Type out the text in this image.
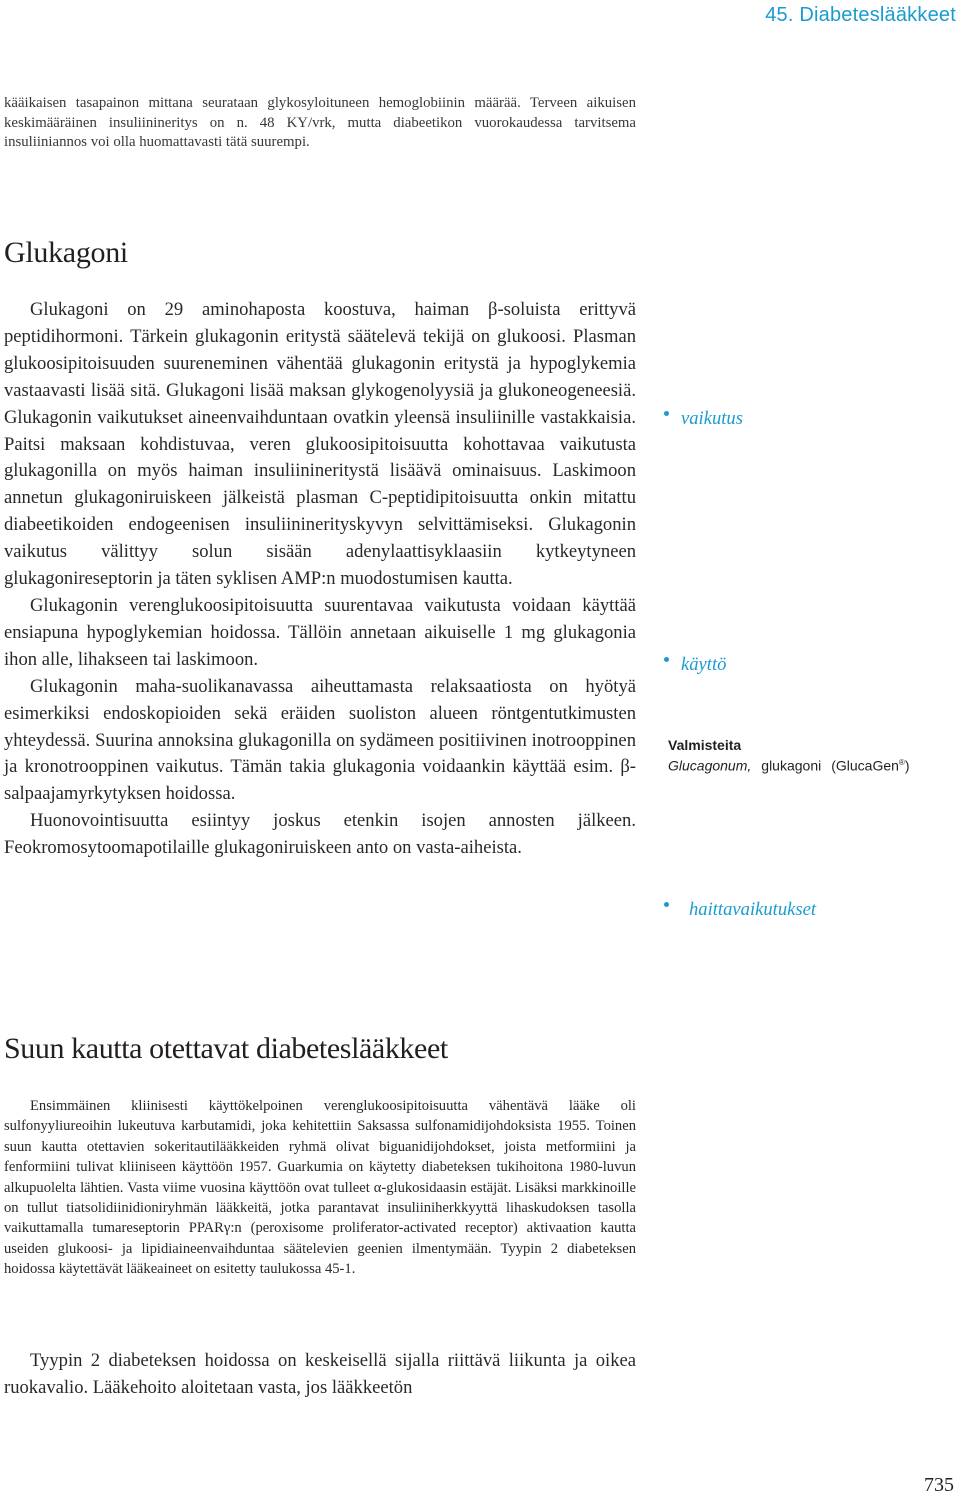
45. Diabeteslääkkeet
kääikaisen tasapainon mittana seurataan glykosyloituneen hemoglobiinin määrää. Terveen aikuisen keskimääräinen insuliinineritys on n. 48 KY/vrk, mutta diabeetikon vuorokaudessa tarvitsema insuliiniannos voi olla huomattavasti tätä suurempi.
Glukagoni

Glukagoni on 29 aminohaposta koostuva, haiman β-soluista erittyvä peptidihormoni. Tärkein glukagonin eritystä säätelevä tekijä on glukoosi. Plasman glukoosipitoisuuden suureneminen vähentää glukagonin eritystä ja hypoglykemia vastaavasti lisää sitä. Glukagoni lisää maksan glykogenolyysiä ja glukoneogeneesiä. Glukagonin vaikutukset aineenvaihduntaan ovatkin yleensä insuliinille vastakkaisia. Paitsi maksaan kohdistuvaa, veren glukoosipitoisuutta kohottavaa vaikutusta glukagonilla on myös haiman insuliinineritystä lisäävä ominaisuus. Laskimoon annetun glukagoniruiskeen jälkeistä plasman C-peptidipitoisuutta onkin mitattu diabeetikoiden endogeenisen insuliininerityskyvyn selvittämiseksi. Glukagonin vaikutus välittyy solun sisään adenylaattisyklaasiin kytkeytyneen glukagonireseptorin ja täten syklisen AMP:n muodostumisen kautta.

Glukagonin verenglukoosipitoisuutta suurentavaa vaikutusta voidaan käyttää ensiapuna hypoglykemian hoidossa. Tällöin annetaan aikuiselle 1 mg glukagonia ihon alle, lihakseen tai laskimoon.

Glukagonin maha-suolikanavassa aiheuttamasta relaksaatiosta on hyötyä esimerkiksi endoskopioiden sekä eräiden suoliston alueen röntgentutkimusten yhteydessä. Suurina annoksina glukagonilla on sydämeen positiivinen inotrooppinen ja kronotrooppinen vaikutus. Tämän takia glukagonia voidaankin käyttää esim. β-salpaajamyrkytyksen hoidossa.

Huonovointisuutta esiintyy joskus etenkin isojen annosten jälkeen. Feokromosytoomapotilaille glukagoniruiskeen anto on vasta-aiheista.

vaikutus
käyttö
Valmisteita
Glucagonum, glukagoni (GlucaGen®)
haittavaikutukset
Suun kautta otettavat diabeteslääkkeet

Ensimmäinen kliinisesti käyttökelpoinen verenglukoosipitoisuutta vähentävä lääke oli sulfonyyliureoihin lukeutuva karbutamidi, joka kehitettiin Saksassa sulfonamidijohdoksista 1955. Toinen suun kautta otettavien sokeritautilääkkeiden ryhmä olivat biguanidijohdokset, joista metformiini ja fenformiini tulivat kliiniseen käyttöön 1957. Guarkumia on käytetty diabeteksen tukihoitona 1980-luvun alkupuolelta lähtien. Vasta viime vuosina käyttöön ovat tulleet α-glukosidaasin estäjät. Lisäksi markkinoille on tullut tiatsolidiinidioniryhmän lääkkeitä, jotka parantavat insuliiniherkkyyttä lihaskudoksen tasolla vaikuttamalla tumareseptorin PPARγ:n (peroxisome proliferator-activated receptor) aktivaation kautta useiden glukoosi- ja lipidiaineenvaihduntaa säätelevien geenien ilmentymään. Tyypin 2 diabeteksen hoidossa käytettävät lääkeaineet on esitetty taulukossa 45-1.

Tyypin 2 diabeteksen hoidossa on keskeisellä sijalla riittävä liikunta ja oikea ruokavalio. Lääkehoito aloitetaan vasta, jos lääkkeetön

735
